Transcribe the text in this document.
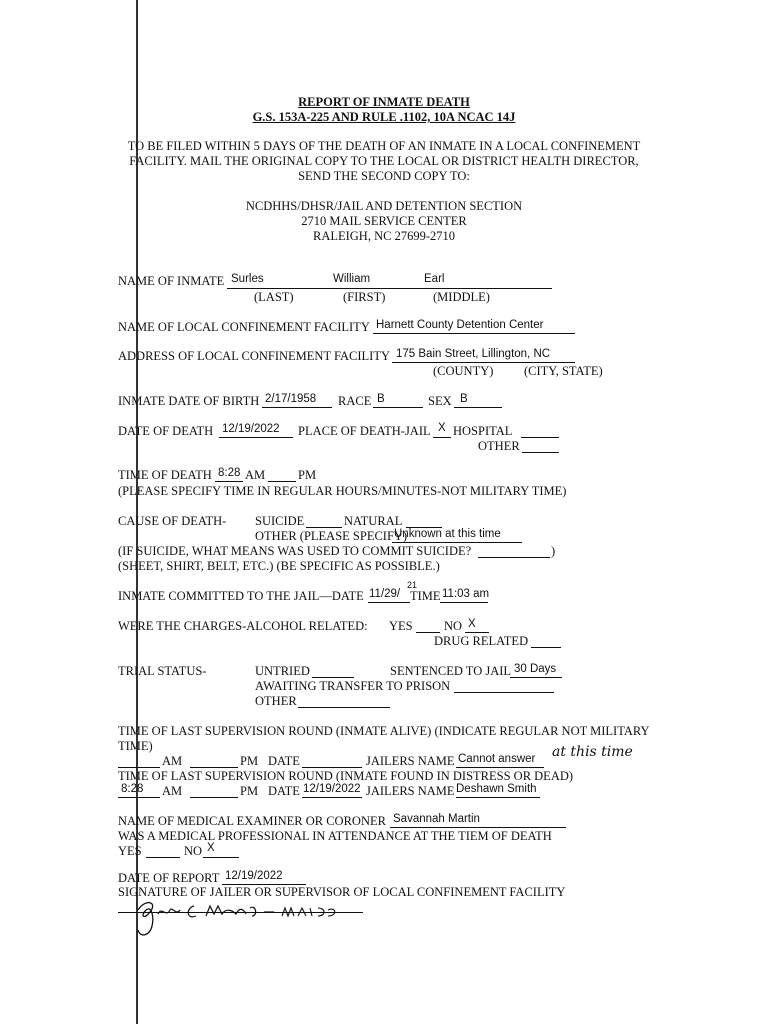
REPORT OF INMATE DEATH
G.S. 153A-225 AND RULE .1102, 10A NCAC 14J
TO BE FILED WITHIN 5 DAYS OF THE DEATH OF AN INMATE IN A LOCAL CONFINEMENT
FACILITY. MAIL THE ORIGINAL COPY TO THE LOCAL OR DISTRICT HEALTH DIRECTOR,
SEND THE SECOND COPY TO:
NCDHHS/DHSR/JAIL AND DETENTION SECTION
2710 MAIL SERVICE CENTER
RALEIGH, NC 27699-2710
NAME OF INMATE Surles	William	Earl
(LAST)	(FIRST)	(MIDDLE)
NAME OF LOCAL CONFINEMENT FACILITY Harnett County Detention Center
ADDRESS OF LOCAL CONFINEMENT FACILITY 175 Bain Street, Lillington, NC
(COUNTY) (CITY, STATE)
INMATE DATE OF BIRTH 2/17/1958 RACE B	SEX B
DATE OF DEATH 12/19/2022 PLACE OF DEATH-JAIL X HOSPITAL
OTHER
TIME OF DEATH 8:28 AM	PM
(PLEASE SPECIFY TIME IN REGULAR HOURS/MINUTES-NOT MILITARY TIME)
CAUSE OF DEATH- SUICIDE	NATURAL
OTHER (PLEASE SPECIFY)
Unknown at this time
(IF SUICIDE, WHAT MEANS WAS USED TO COMMIT SUICIDE?	)
(SHEET, SHIRT, BELT, ETC.) (BE SPECIFIC AS POSSIBLE.)
INMATE COMMITTED TO THE JAIL—DATE 11/29/
21
TIME 11:03 am
WERE THE CHARGES-ALCOHOL RELATED: YES	NO X
DRUG RELATED
TRIAL STATUS-	UNTRIED	SENTENCED TO JAIL 30 Days
AWAITING TRANSFER TO PRISON
OTHER
TIME OF LAST SUPERVISION ROUND (INMATE ALIVE) (INDICATE REGULAR NOT MILITARY
TIME)
AM	PM DATE	JAILERS NAME Cannot answer at this time
TIME OF LAST SUPERVISION ROUND (INMATE FOUND IN DISTRESS OR DEAD)
8:28 AM	PM DATE 12/19/2022 JAILERS NAME Deshawn Smith
NAME OF MEDICAL EXAMINER OR CORONER Savannah Martin
WAS A MEDICAL PROFESSIONAL IN ATTENDANCE AT THE TIEM OF DEATH
YES	NO X
DATE OF REPORT 12/19/2022
SIGNATURE OF JAILER OR SUPERVISOR OF LOCAL CONFINEMENT FACILITY
